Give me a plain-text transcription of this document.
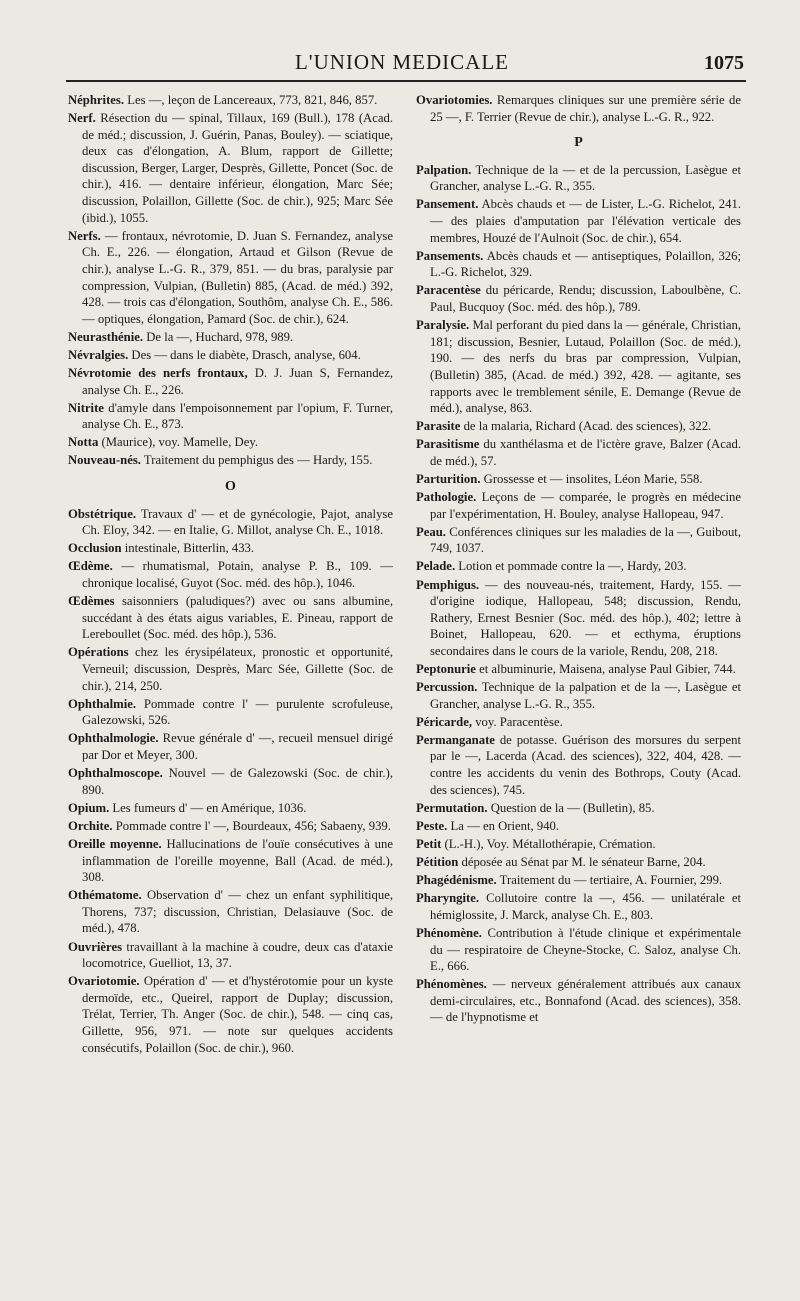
L'UNION MEDICALE	1075
Néphrites. Les —, leçon de Lancereaux, 773, 821, 846, 857.
Nerf. Résection du — spinal, Tillaux, 169 (Bull.), 178 (Acad. de méd.; discussion, J. Guérin, Panas, Bouley). — sciatique, deux cas d'élongation, A. Blum, rapport de Gillette; discussion, Berger, Larger, Desprès, Gillette, Poncet (Soc. de chir.), 416. — dentaire inférieur, élongation, Marc Sée; discussion, Polaillon, Gillette (Soc. de chir.), 925; Marc Sée (ibid.), 1055.
Nerfs. — frontaux, névrotomie, D. Juan S. Fernandez, analyse Ch. E., 226. — élongation, Artaud et Gilson (Revue de chir.), analyse L.-G. R., 379, 851. — du bras, paralysie par compression, Vulpian, (Bulletin) 885, (Acad. de méd.) 392, 428. — trois cas d'élongation, Southôm, analyse Ch. E., 586. — optiques, élongation, Pamard (Soc. de chir.), 624.
Neurasthénie. De la —, Huchard, 978, 989.
Névralgies. Des — dans le diabète, Drasch, analyse, 604.
Névrotomie des nerfs frontaux, D. J. Juan S, Fernandez, analyse Ch. E., 226.
Nitrite d'amyle dans l'empoisonnement par l'opium, F. Turner, analyse Ch. E., 873.
Notta (Maurice), voy. Mamelle, Dey.
Nouveau-nés. Traitement du pemphigus des — Hardy, 155.
O
Obstétrique. Travaux d' — et de gynécologie, Pajot, analyse Ch. Eloy, 342. — en Italie, G. Millot, analyse Ch. E., 1018.
Occlusion intestinale, Bitterlin, 433.
Œdème. — rhumatismal, Potain, analyse P. B., 109. — chronique localisé, Guyot (Soc. méd. des hôp.), 1046.
Œdèmes saisonniers (paludiques?) avec ou sans albumine, succédant à des états aigus variables, E. Pineau, rapport de Lereboullet (Soc. méd. des hôp.), 536.
Opérations chez les érysipélateux, pronostic et opportunité, Verneuil; discussion, Desprès, Marc Sée, Gillette (Soc. de chir.), 214, 250.
Ophthalmie. Pommade contre l' — purulente scrofuleuse, Galezowski, 526.
Ophthalmologie. Revue générale d' —, recueil mensuel dirigé par Dor et Meyer, 300.
Ophthalmoscope. Nouvel — de Galezowski (Soc. de chir.), 890.
Opium. Les fumeurs d' — en Amérique, 1036.
Orchite. Pommade contre l' —, Bourdeaux, 456; Sabaeny, 939.
Oreille moyenne. Hallucinations de l'ouïe consécutives à une inflammation de l'oreille moyenne, Ball (Acad. de méd.), 308.
Othématome. Observation d' — chez un enfant syphilitique, Thorens, 737; discussion, Christian, Delasiauve (Soc. de méd.), 478.
Ouvrières travaillant à la machine à coudre, deux cas d'ataxie locomotrice, Guelliot, 13, 37.
Ovariotomie. Opération d' — et d'hystérotomie pour un kyste dermoïde, etc., Queirel, rapport de Duplay; discussion, Trélat, Terrier, Th. Anger (Soc. de chir.), 548. — cinq cas, Gillette, 956, 971. — note sur quelques accidents consécutifs, Polaillon (Soc. de chir.), 960.
Ovariotomies. Remarques cliniques sur une première série de 25 —, F. Terrier (Revue de chir.), analyse L.-G. R., 922.
P
Palpation. Technique de la — et de la percussion, Lasègue et Grancher, analyse L.-G. R., 355.
Pansement. Abcès chauds et — de Lister, L.-G. Richelot, 241. — des plaies d'amputation par l'élévation verticale des membres, Houzé de l'Aulnoit (Soc. de chir.), 654.
Pansements. Abcès chauds et — antiseptiques, Polaillon, 326; L.-G. Richelot, 329.
Paracentèse du péricarde, Rendu; discussion, Laboulbène, C. Paul, Bucquoy (Soc. méd. des hôp.), 789.
Paralysie. Mal perforant du pied dans la — générale, Christian, 181; discussion, Besnier, Lutaud, Polaillon (Soc. de méd.), 190. — des nerfs du bras par compression, Vulpian, (Bulletin) 385, (Acad. de méd.) 392, 428. — agitante, ses rapports avec le tremblement sénile, E. Demange (Revue de méd.), analyse, 863.
Parasite de la malaria, Richard (Acad. des sciences), 322.
Parasitisme du xanthélasma et de l'ictère grave, Balzer (Acad. de méd.), 57.
Parturition. Grossesse et — insolites, Léon Marie, 558.
Pathologie. Leçons de — comparée, le progrès en médecine par l'expérimentation, H. Bouley, analyse Hallopeau, 947.
Peau. Conférences cliniques sur les maladies de la —, Guibout, 749, 1037.
Pelade. Lotion et pommade contre la —, Hardy, 203.
Pemphigus. — des nouveau-nés, traitement, Hardy, 155. — d'origine iodique, Hallopeau, 548; discussion, Rendu, Rathery, Ernest Besnier (Soc. méd. des hôp.), 402; lettre à Boinet, Hallopeau, 620. — et ecthyma, éruptions secondaires dans le cours de la variole, Rendu, 208, 218.
Peptonurie et albuminurie, Maisena, analyse Paul Gibier, 744.
Percussion. Technique de la palpation et de la —, Lasègue et Grancher, analyse L.-G. R., 355.
Péricarde, voy. Paracentèse.
Permanganate de potasse. Guérison des morsures du serpent par le —, Lacerda (Acad. des sciences), 322, 404, 428. — contre les accidents du venin des Bothrops, Couty (Acad. des sciences), 745.
Permutation. Question de la — (Bulletin), 85.
Peste. La — en Orient, 940.
Petit (L.-H.), Voy. Métallothérapie, Crémation.
Pétition déposée au Sénat par M. le sénateur Barne, 204.
Phagédénisme. Traitement du — tertiaire, A. Fournier, 299.
Pharyngite. Collutoire contre la —, 456. — unilatérale et hémiglossite, J. Marck, analyse Ch. E., 803.
Phénomène. Contribution à l'étude clinique et expérimentale du — respiratoire de Cheyne-Stocke, C. Saloz, analyse Ch. E., 666.
Phénomènes. — nerveux généralement attribués aux canaux demi-circulaires, etc., Bonnafond (Acad. des sciences), 358. — de l'hypnotisme et
